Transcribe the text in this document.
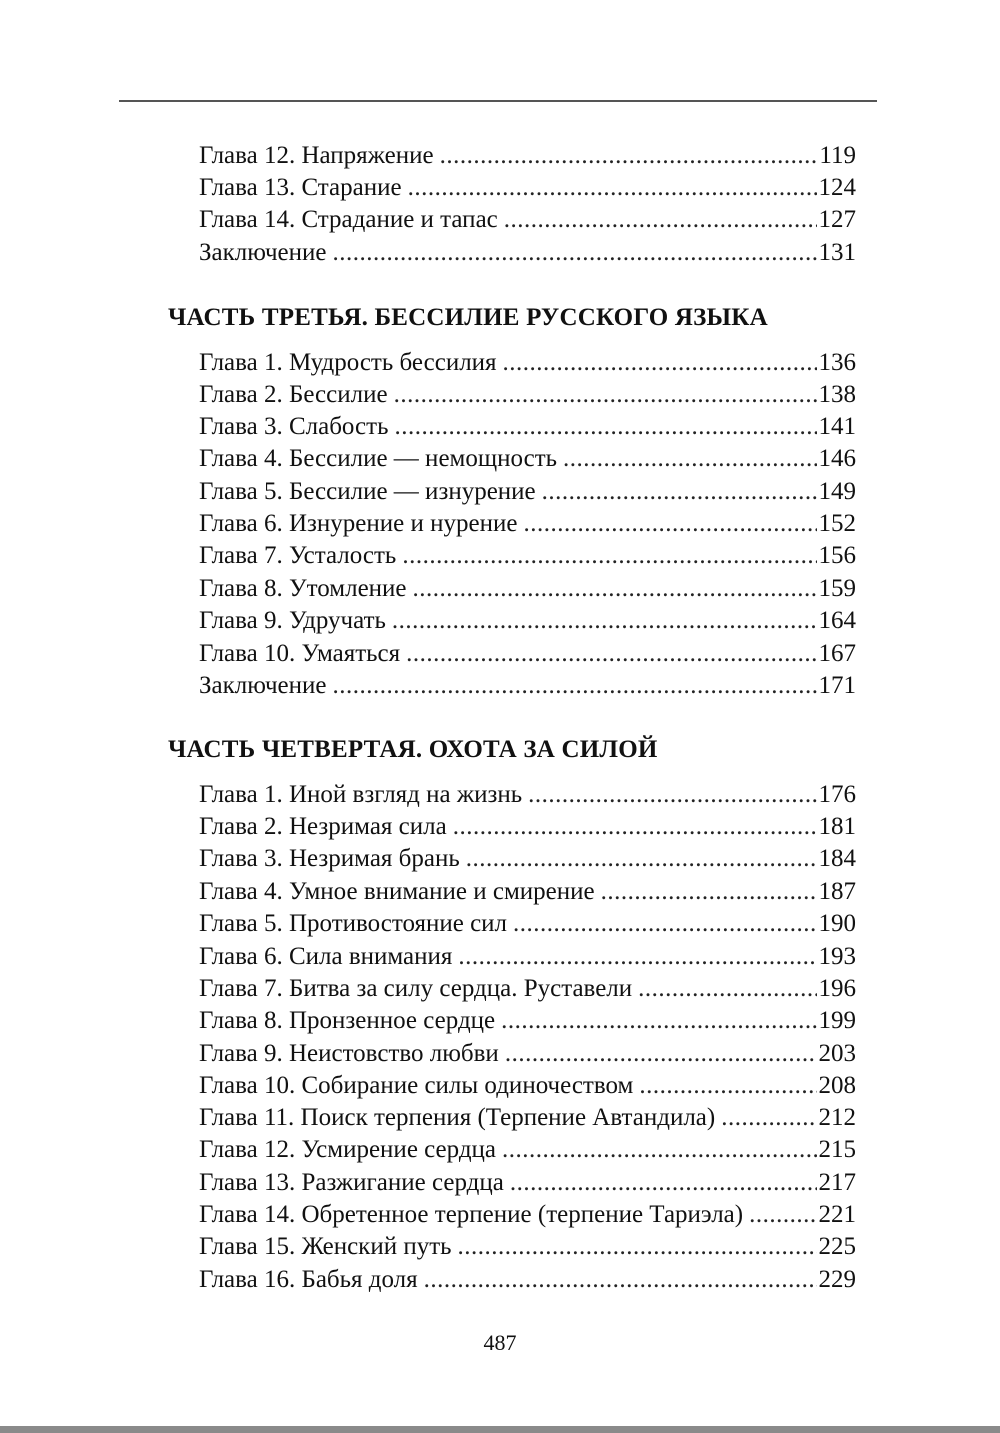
Глава 12. Напряжение .....	119
Глава 13. Старание .....	124
Глава 14. Страдание и тапас .....	127
Заключение .....	131
ЧАСТЬ ТРЕТЬЯ. БЕССИЛИЕ РУССКОГО ЯЗЫКА
Глава 1. Мудрость бессилия .....	136
Глава 2. Бессилие .....	138
Глава 3. Слабость .....	141
Глава 4. Бессилие — немощность .....	146
Глава 5. Бессилие — изнурение .....	149
Глава 6. Изнурение и нурение .....	152
Глава 7. Усталость .....	156
Глава 8. Утомление .....	159
Глава 9. Удручать .....	164
Глава 10. Умаяться .....	167
Заключение .....	171
ЧАСТЬ ЧЕТВЕРТАЯ. ОХОТА ЗА СИЛОЙ
Глава 1. Иной взгляд на жизнь .....	176
Глава 2. Незримая сила .....	181
Глава 3. Незримая брань .....	184
Глава 4. Умное внимание и смирение .....	187
Глава 5. Противостояние сил .....	190
Глава 6. Сила внимания .....	193
Глава 7. Битва за силу сердца. Руставели .....	196
Глава 8. Пронзенное сердце .....	199
Глава 9. Неистовство любви .....	203
Глава 10. Собирание силы одиночеством .....	208
Глава 11. Поиск терпения (Терпение Автандила) .....	212
Глава 12. Усмирение сердца .....	215
Глава 13. Разжигание сердца .....	217
Глава 14. Обретенное терпение (терпение Тариэла) .....	221
Глава 15. Женский путь .....	225
Глава 16. Бабья доля .....	229
487
